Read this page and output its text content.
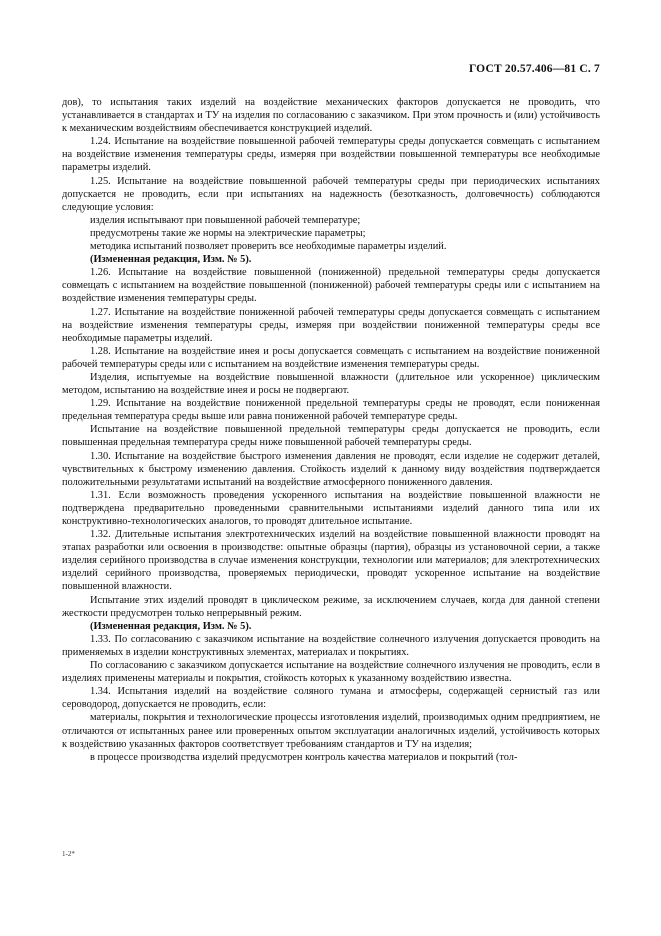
ГОСТ 20.57.406—81 С. 7

дов), то испытания таких изделий на воздействие механических факторов допускается не проводить, что устанавливается в стандартах и ТУ на изделия по согласованию с заказчиком. При этом прочность и (или) устойчивость к механическим воздействиям обеспечивается конструкцией изделий.

1.24. Испытание на воздействие повышенной рабочей температуры среды допускается совмещать с испытанием на воздействие изменения температуры среды, измеряя при воздействии повышенной температуры все необходимые параметры изделий.

1.25. Испытание на воздействие повышенной рабочей температуры среды при периодических испытаниях допускается не проводить, если при испытаниях на надежность (безотказность, долговечность) соблюдаются следующие условия:

изделия испытывают при повышенной рабочей температуре;

предусмотрены такие же нормы на электрические параметры;

методика испытаний позволяет проверить все необходимые параметры изделий.

(Измененная редакция, Изм. № 5).

1.26. Испытание на воздействие повышенной (пониженной) предельной температуры среды допускается совмещать с испытанием на воздействие повышенной (пониженной) рабочей температуры среды или с испытанием на воздействие изменения температуры среды.

1.27. Испытание на воздействие пониженной рабочей температуры среды допускается совмещать с испытанием на воздействие изменения температуры среды, измеряя при воздействии пониженной температуры среды все необходимые параметры изделий.

1.28. Испытание на воздействие инея и росы допускается совмещать с испытанием на воздействие пониженной рабочей температуры среды или с испытанием на воздействие изменения температуры среды.

Изделия, испытуемые на воздействие повышенной влажности (длительное или ускоренное) циклическим методом, испытанию на воздействие инея и росы не подвергают.

1.29. Испытание на воздействие пониженной предельной температуры среды не проводят, если пониженная предельная температура среды выше или равна пониженной рабочей температуре среды.

Испытание на воздействие повышенной предельной температуры среды допускается не проводить, если повышенная предельная температура среды ниже повышенной рабочей температуры среды.

1.30. Испытание на воздействие быстрого изменения давления не проводят, если изделие не содержит деталей, чувствительных к быстрому изменению давления. Стойкость изделий к данному виду воздействия подтверждается положительными результатами испытаний на воздействие атмосферного пониженного давления.

1.31. Если возможность проведения ускоренного испытания на воздействие повышенной влажности не подтверждена предварительно проведенными сравнительными испытаниями изделий данного типа или их конструктивно-технологических аналогов, то проводят длительное испытание.

1.32. Длительные испытания электротехнических изделий на воздействие повышенной влажности проводят на этапах разработки или освоения в производстве: опытные образцы (партия), образцы из установочной серии, а также изделия серийного производства в случае изменения конструкции, технологии или материалов; для электротехнических изделий серийного производства, проверяемых периодически, проводят ускоренное испытание на воздействие повышенной влажности.

Испытание этих изделий проводят в циклическом режиме, за исключением случаев, когда для данной степени жесткости предусмотрен только непрерывный режим.

(Измененная редакция, Изм. № 5).

1.33. По согласованию с заказчиком испытание на воздействие солнечного излучения допускается проводить на применяемых в изделии конструктивных элементах, материалах и покрытиях.

По согласованию с заказчиком допускается испытание на воздействие солнечного излучения не проводить, если в изделиях применены материалы и покрытия, стойкость которых к указанному воздействию известна.

1.34. Испытания изделий на воздействие соляного тумана и атмосферы, содержащей сернистый газ или сероводород, допускается не проводить, если:

материалы, покрытия и технологические процессы изготовления изделий, производимых одним предприятием, не отличаются от испытанных ранее или проверенных опытом эксплуатации аналогичных изделий, устойчивость которых к воздействию указанных факторов соответствует требованиям стандартов и ТУ на изделия;

в процессе производства изделий предусмотрен контроль качества материалов и покрытий (тол-

1-2*
